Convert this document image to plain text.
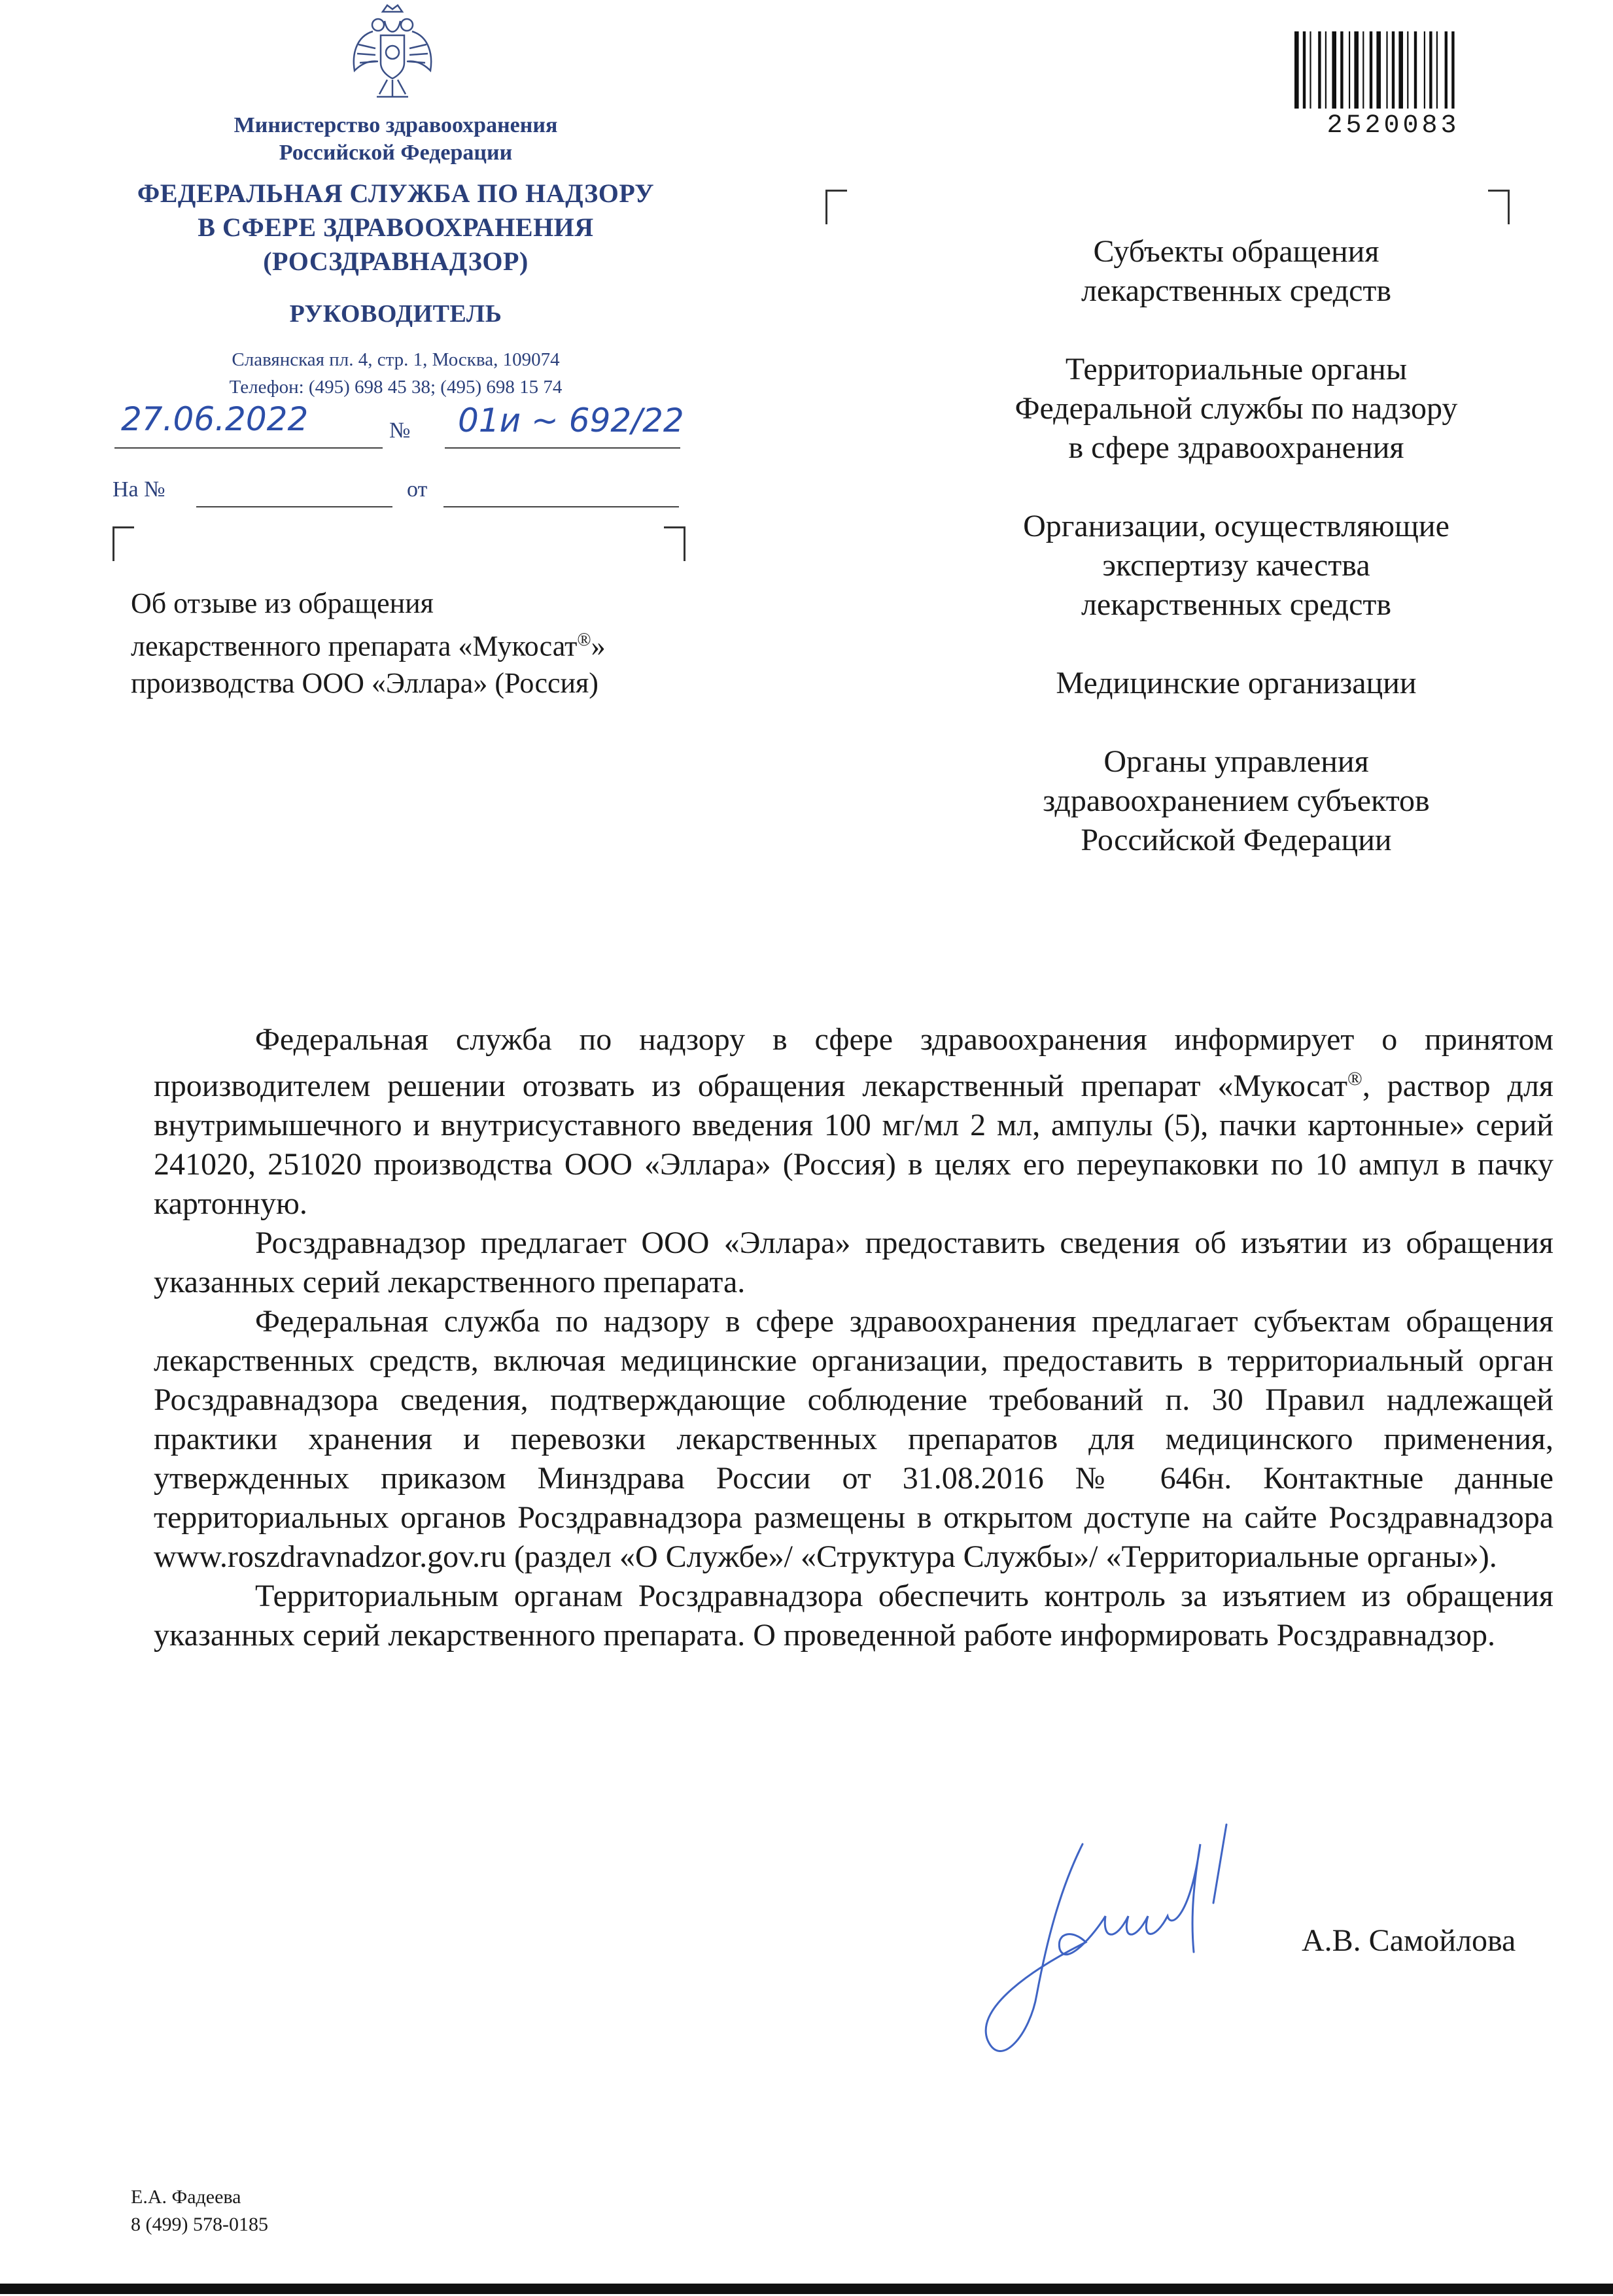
Министерство здравоохранения
Российской Федерации
ФЕДЕРАЛЬНАЯ СЛУЖБА ПО НАДЗОРУ
В СФЕРЕ ЗДРАВООХРАНЕНИЯ
(РОСЗДРАВНАДЗОР)
РУКОВОДИТЕЛЬ
Славянская пл. 4, стр. 1, Москва, 109074
Телефон: (495) 698 45 38; (495) 698 15 74
27.06.2022	№ 01и ~ 692/22
На №	от
Об отзыве из обращения
лекарственного препарата «Мукосат®»
производства ООО «Эллара» (Россия)
2520083
Субъекты обращения
лекарственных средств
Территориальные органы
Федеральной службы по надзору
в сфере здравоохранения
Организации, осуществляющие
экспертизу качества
лекарственных средств
Медицинские организации
Органы управления
здравоохранением субъектов
Российской Федерации

Федеральная служба по надзору в сфере здравоохранения информирует о принятом производителем решении отозвать из обращения лекарственный препарат «Мукосат®, раствор для внутримышечного и внутрисуставного введения 100 мг/мл 2 мл, ампулы (5), пачки картонные» серий 241020, 251020 производства ООО «Эллара» (Россия) в целях его переупаковки по 10 ампул в пачку картонную.

Росздравнадзор предлагает ООО «Эллара» предоставить сведения об изъятии из обращения указанных серий лекарственного препарата.

Федеральная служба по надзору в сфере здравоохранения предлагает субъектам обращения лекарственных средств, включая медицинские организации, предоставить в территориальный орган Росздравнадзора сведения, подтверждающие соблюдение требований п. 30 Правил надлежащей практики хранения и перевозки лекарственных препаратов для медицинского применения, утвержденных приказом Минздрава России от 31.08.2016 № 646н. Контактные данные территориальных органов Росздравнадзора размещены в открытом доступе на сайте Росздравнадзора www.roszdravnadzor.gov.ru (раздел «О Службе»/ «Структура Службы»/ «Территориальные органы»).

Территориальным органам Росздравнадзора обеспечить контроль за изъятием из обращения указанных серий лекарственного препарата. О проведенной работе информировать Росздравнадзор.

А.В. Самойлова
Е.А. Фадеева
8 (499) 578-0185
